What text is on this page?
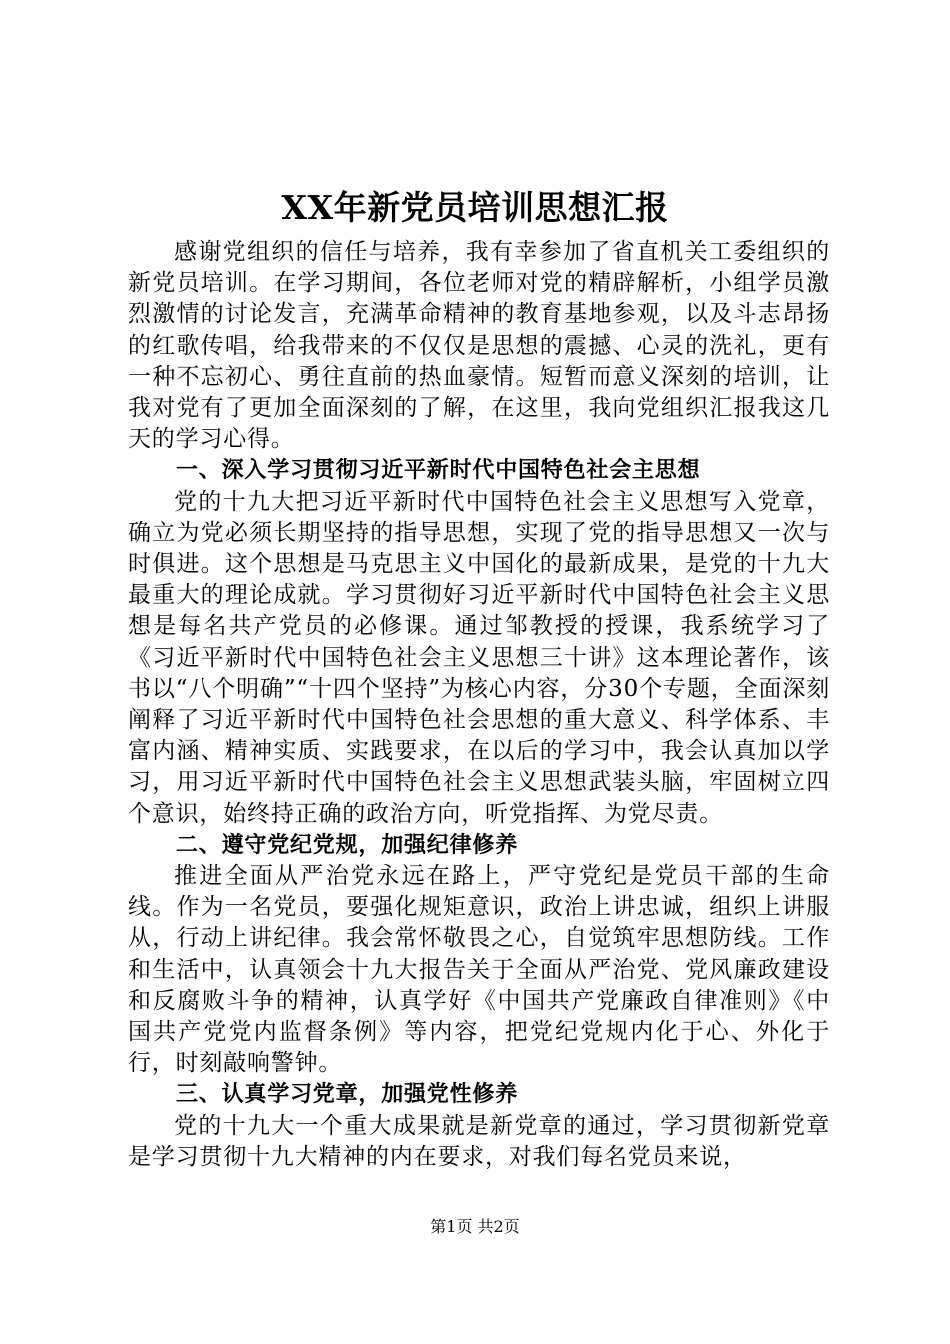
XX年新党员培训思想汇报

感谢党组织的信任与培养，我有幸参加了省直机关工委组织的新党员培训。在学习期间，各位老师对党的精辟解析，小组学员激烈激情的讨论发言，充满革命精神的教育基地参观，以及斗志昂扬的红歌传唱，给我带来的不仅仅是思想的震撼、心灵的洗礼，更有一种不忘初心、勇往直前的热血豪情。短暂而意义深刻的培训，让我对党有了更加全面深刻的了解，在这里，我向党组织汇报我这几天的学习心得。

一、深入学习贯彻习近平新时代中国特色社会主思想

党的十九大把习近平新时代中国特色社会主义思想写入党章，确立为党必须长期坚持的指导思想，实现了党的指导思想又一次与时俱进。这个思想是马克思主义中国化的最新成果，是党的十九大最重大的理论成就。学习贯彻好习近平新时代中国特色社会主义思想是每名共产党员的必修课。通过邹教授的授课，我系统学习了《习近平新时代中国特色社会主义思想三十讲》这本理论著作，该书以“八个明确”“十四个坚持”为核心内容，分30个专题，全面深刻阐释了习近平新时代中国特色社会思想的重大意义、科学体系、丰富内涵、精神实质、实践要求，在以后的学习中，我会认真加以学习，用习近平新时代中国特色社会主义思想武装头脑，牢固树立四个意识，始终持正确的政治方向，听党指挥、为党尽责。

二、遵守党纪党规，加强纪律修养

推进全面从严治党永远在路上，严守党纪是党员干部的生命线。作为一名党员，要强化规矩意识，政治上讲忠诚，组织上讲服从，行动上讲纪律。我会常怀敬畏之心，自觉筑牢思想防线。工作和生活中，认真领会十九大报告关于全面从严治党、党风廉政建设和反腐败斗争的精神，认真学好《中国共产党廉政自律准则》《中国共产党党内监督条例》等内容，把党纪党规内化于心、外化于行，时刻敲响警钟。

三、认真学习党章，加强党性修养

党的十九大一个重大成果就是新党章的通过，学习贯彻新党章是学习贯彻十九大精神的内在要求，对我们每名党员来说，

第1页 共2页
